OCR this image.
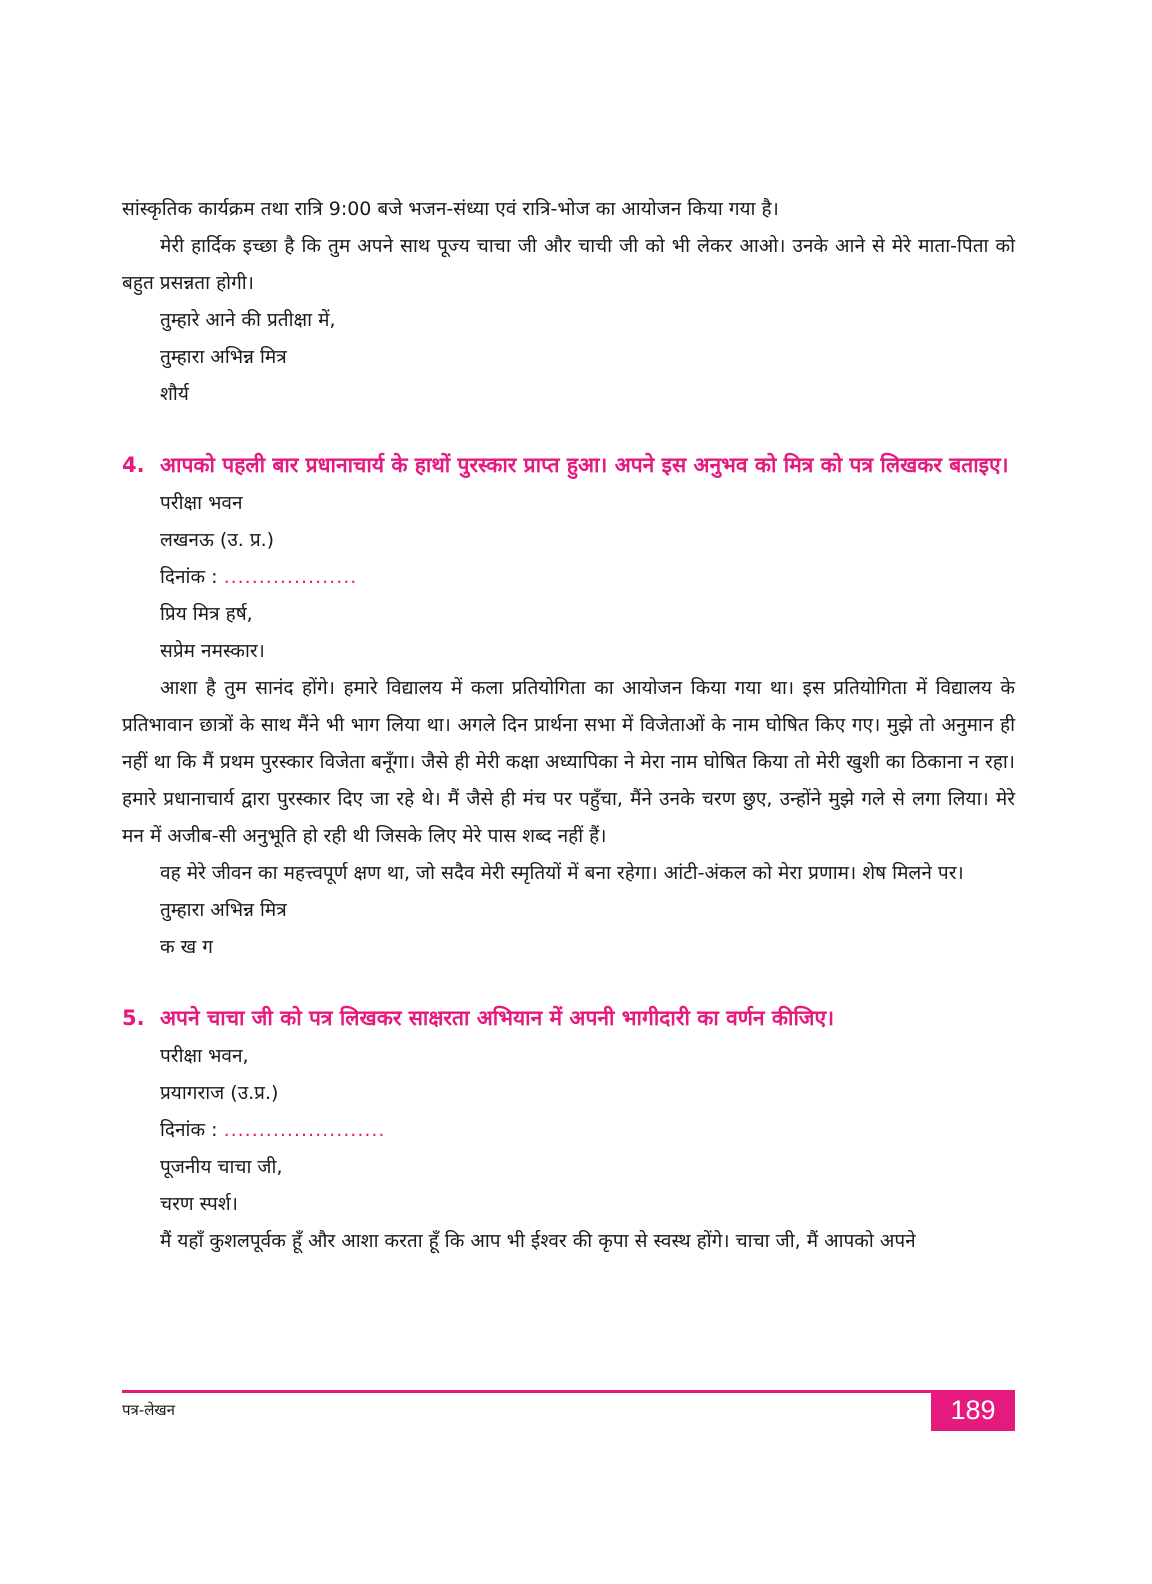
सांस्कृतिक कार्यक्रम तथा रात्रि 9:00 बजे भजन-संध्या एवं रात्रि-भोज का आयोजन किया गया है।

मेरी हार्दिक इच्छा है कि तुम अपने साथ पूज्य चाचा जी और चाची जी को भी लेकर आओ। उनके आने से मेरे माता-पिता को बहुत प्रसन्नता होगी।

तुम्हारे आने की प्रतीक्षा में,

तुम्हारा अभिन्न मित्र

शौर्य

4. आपको पहली बार प्रधानाचार्य के हाथों पुरस्कार प्राप्त हुआ। अपने इस अनुभव को मित्र को पत्र लिखकर बताइए।

परीक्षा भवन

लखनऊ (उ. प्र.)

दिनांक : ...................

प्रिय मित्र हर्ष,

सप्रेम नमस्कार।

आशा है तुम सानंद होंगे। हमारे विद्यालय में कला प्रतियोगिता का आयोजन किया गया था। इस प्रतियोगिता में विद्यालय के प्रतिभावान छात्रों के साथ मैंने भी भाग लिया था। अगले दिन प्रार्थना सभा में विजेताओं के नाम घोषित किए गए। मुझे तो अनुमान ही नहीं था कि मैं प्रथम पुरस्कार विजेता बनूँगा। जैसे ही मेरी कक्षा अध्यापिका ने मेरा नाम घोषित किया तो मेरी खुशी का ठिकाना न रहा। हमारे प्रधानाचार्य द्वारा पुरस्कार दिए जा रहे थे। मैं जैसे ही मंच पर पहुँचा, मैंने उनके चरण छुए, उन्होंने मुझे गले से लगा लिया। मेरे मन में अजीब-सी अनुभूति हो रही थी जिसके लिए मेरे पास शब्द नहीं हैं।

वह मेरे जीवन का महत्त्वपूर्ण क्षण था, जो सदैव मेरी स्मृतियों में बना रहेगा। आंटी-अंकल को मेरा प्रणाम। शेष मिलने पर।

तुम्हारा अभिन्न मित्र

क ख ग

5. अपने चाचा जी को पत्र लिखकर साक्षरता अभियान में अपनी भागीदारी का वर्णन कीजिए।

परीक्षा भवन,

प्रयागराज (उ.प्र.)

दिनांक : .......................

पूजनीय चाचा जी,

चरण स्पर्श।

मैं यहाँ कुशलपूर्वक हूँ और आशा करता हूँ कि आप भी ईश्वर की कृपा से स्वस्थ होंगे। चाचा जी, मैं आपको अपने

पत्र-लेखन	189
